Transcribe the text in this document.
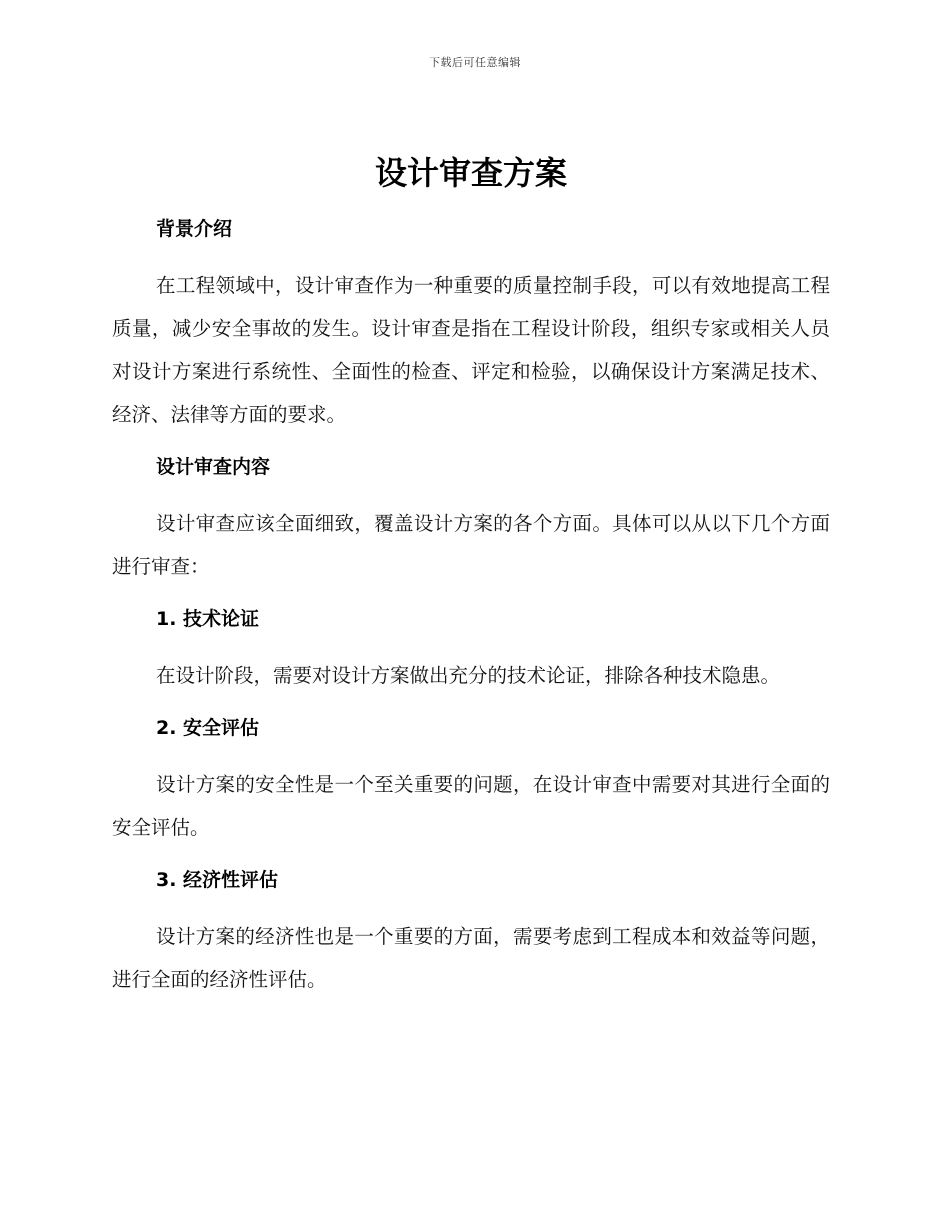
下载后可任意编辑
设计审查方案
背景介绍

在工程领域中，设计审查作为一种重要的质量控制手段，可以有效地提高工程质量，减少安全事故的发生。设计审查是指在工程设计阶段，组织专家或相关人员对设计方案进行系统性、全面性的检查、评定和检验，以确保设计方案满足技术、经济、法律等方面的要求。

设计审查内容

设计审查应该全面细致，覆盖设计方案的各个方面。具体可以从以下几个方面进行审查：

1. 技术论证

在设计阶段，需要对设计方案做出充分的技术论证，排除各种技术隐患。

2. 安全评估

设计方案的安全性是一个至关重要的问题，在设计审查中需要对其进行全面的安全评估。

3. 经济性评估

设计方案的经济性也是一个重要的方面，需要考虑到工程成本和效益等问题，进行全面的经济性评估。
